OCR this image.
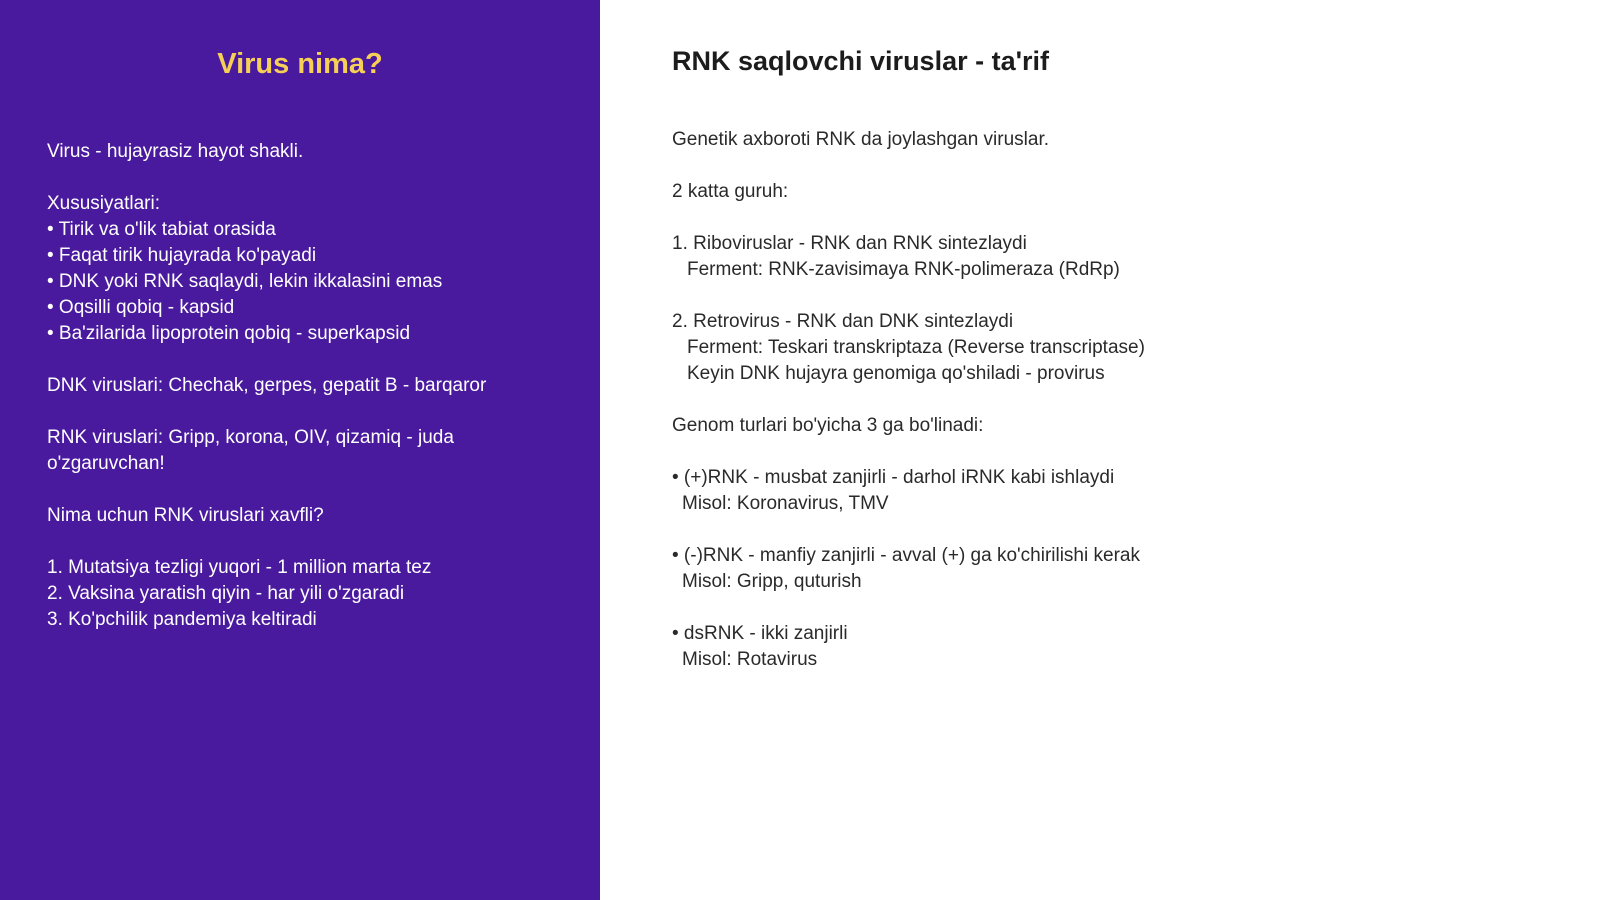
Virus nima?
Virus - hujayrasiz hayot shakli.
Xususiyatlari:
• Tirik va o'lik tabiat orasida
• Faqat tirik hujayrada ko'payadi
• DNK yoki RNK saqlaydi, lekin ikkalasini emas
• Oqsilli qobiq - kapsid
• Ba'zilarida lipoprotein qobiq - superkapsid
DNK viruslari: Chechak, gerpes, gepatit B - barqaror
RNK viruslari: Gripp, korona, OIV, qizamiq - juda
o'zgaruvchan!
Nima uchun RNK viruslari xavfli?
1. Mutatsiya tezligi yuqori - 1 million marta tez
2. Vaksina yaratish qiyin - har yili o'zgaradi
3. Ko'pchilik pandemiya keltiradi
RNK saqlovchi viruslar - ta'rif
Genetik axboroti RNK da joylashgan viruslar.
2 katta guruh:
1. Riboviruslar - RNK dan RNK sintezlaydi
Ferment: RNK-zavisimaya RNK-polimeraza (RdRp)
2. Retrovirus - RNK dan DNK sintezlaydi
Ferment: Teskari transkriptaza (Reverse transcriptase)
Keyin DNK hujayra genomiga qo'shiladi - provirus
Genom turlari bo'yicha 3 ga bo'linadi:
• (+)RNK - musbat zanjirli - darhol iRNK kabi ishlaydi
Misol: Koronavirus, TMV
• (-)RNK - manfiy zanjirli - avval (+) ga ko'chirilishi kerak
Misol: Gripp, quturish
• dsRNK - ikki zanjirli
Misol: Rotavirus
